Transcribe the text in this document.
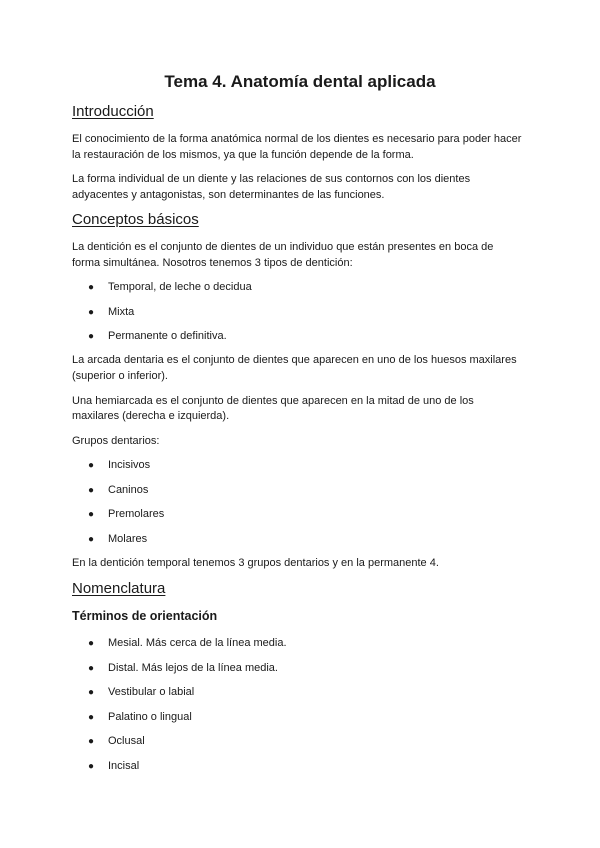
Tema 4. Anatomía dental aplicada
Introducción

El conocimiento de la forma anatómica normal de los dientes es necesario para poder hacer

la restauración de los mismos, ya que la función depende de la forma.

La forma individual de un diente y las relaciones de sus contornos con los dientes

adyacentes y antagonistas, son determinantes de las funciones.

Conceptos básicos

La dentición es el conjunto de dientes de un individuo que están presentes en boca de

forma simultánea. Nosotros tenemos 3 tipos de dentición:

● Temporal, de leche o decidua
● Mixta
● Permanente o definitiva.

La arcada dentaria es el conjunto de dientes que aparecen en uno de los huesos maxilares

(superior o inferior).

Una hemiarcada es el conjunto de dientes que aparecen en la mitad de uno de los

maxilares (derecha e izquierda).

Grupos dentarios:

● Incisivos
● Caninos
● Premolares
● Molares

En la dentición temporal tenemos 3 grupos dentarios y en la permanente 4.

Nomenclatura
Términos de orientación
● Mesial. Más cerca de la línea media.
● Distal. Más lejos de la línea media.
● Vestibular o labial
● Palatino o lingual
● Oclusal
● Incisal
